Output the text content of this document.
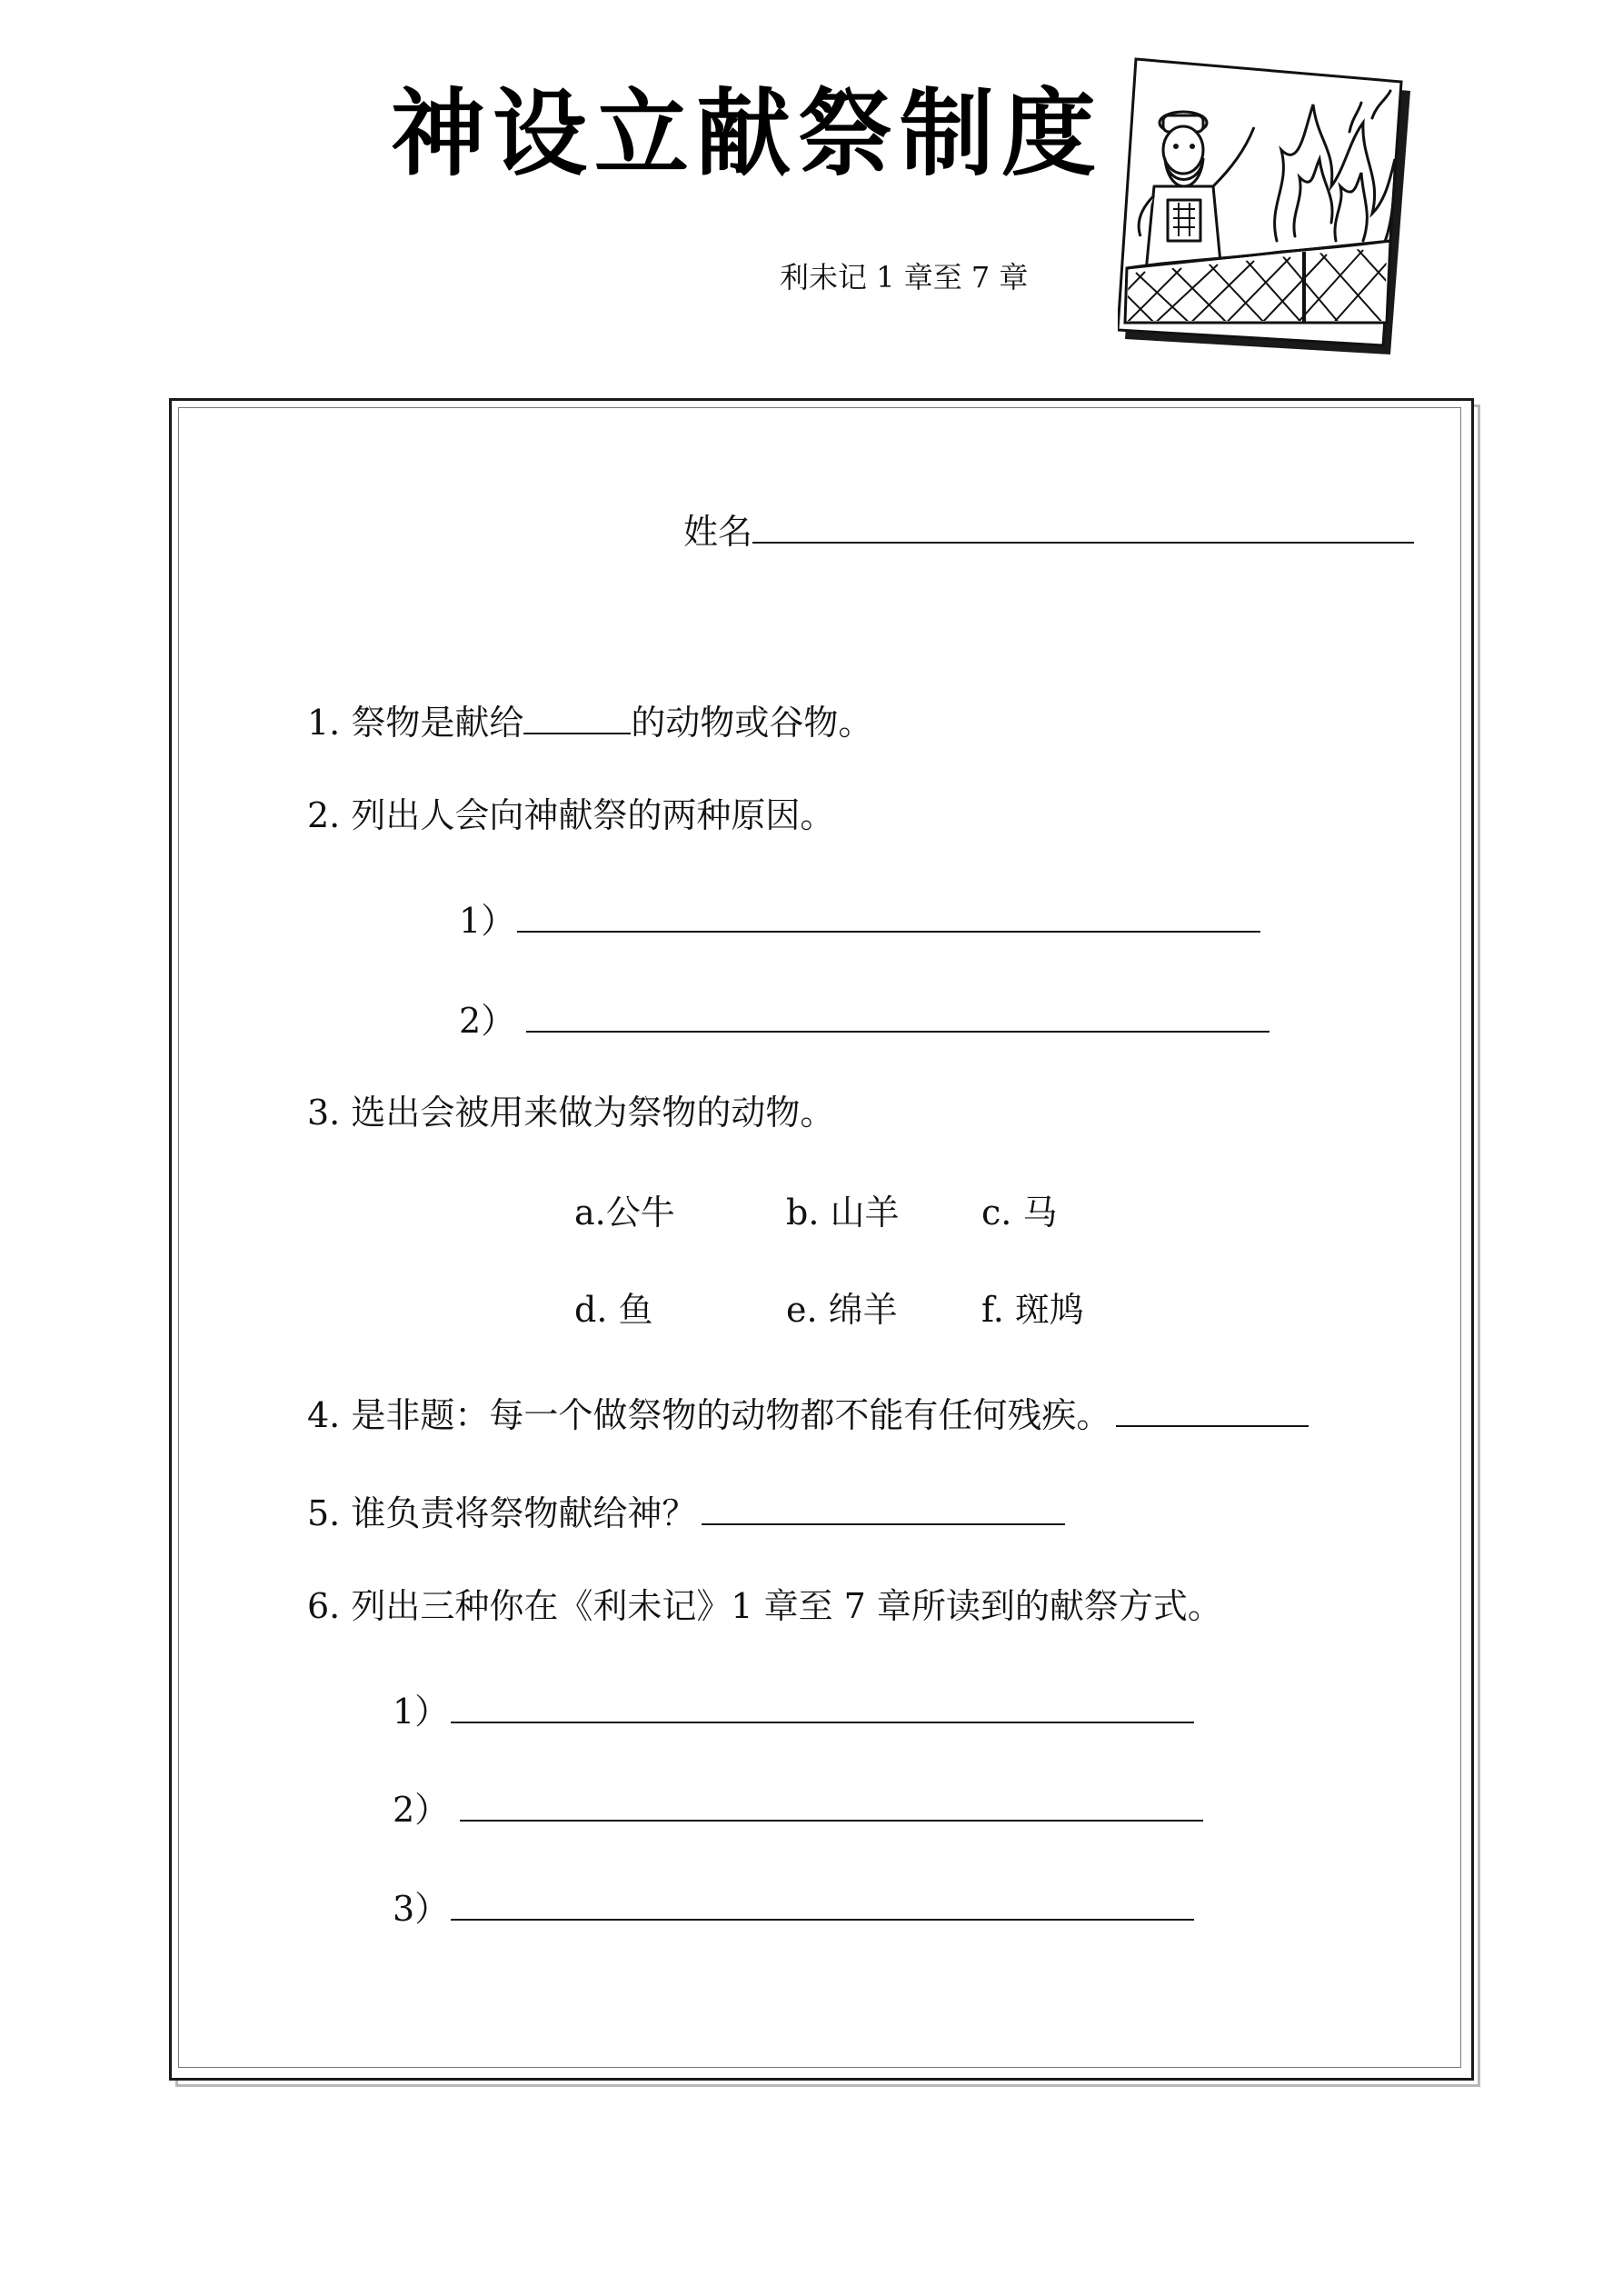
神设立献祭制度
利未记 1 章至 7 章
姓名
1. 祭物是献给	的动物或谷物。
2. 列出人会向神献祭的两种原因。
1）
2）
3. 选出会被用来做为祭物的动物。
a.公牛	b. 山羊 c. 马
d. 鱼	e. 绵羊 f. 斑鸠
4. 是非题：每一个做祭物的动物都不能有任何残疾。
5. 谁负责将祭物献给神？
6. 列出三种你在《利未记》1 章至 7 章所读到的献祭方式。
1）
2）
3）
